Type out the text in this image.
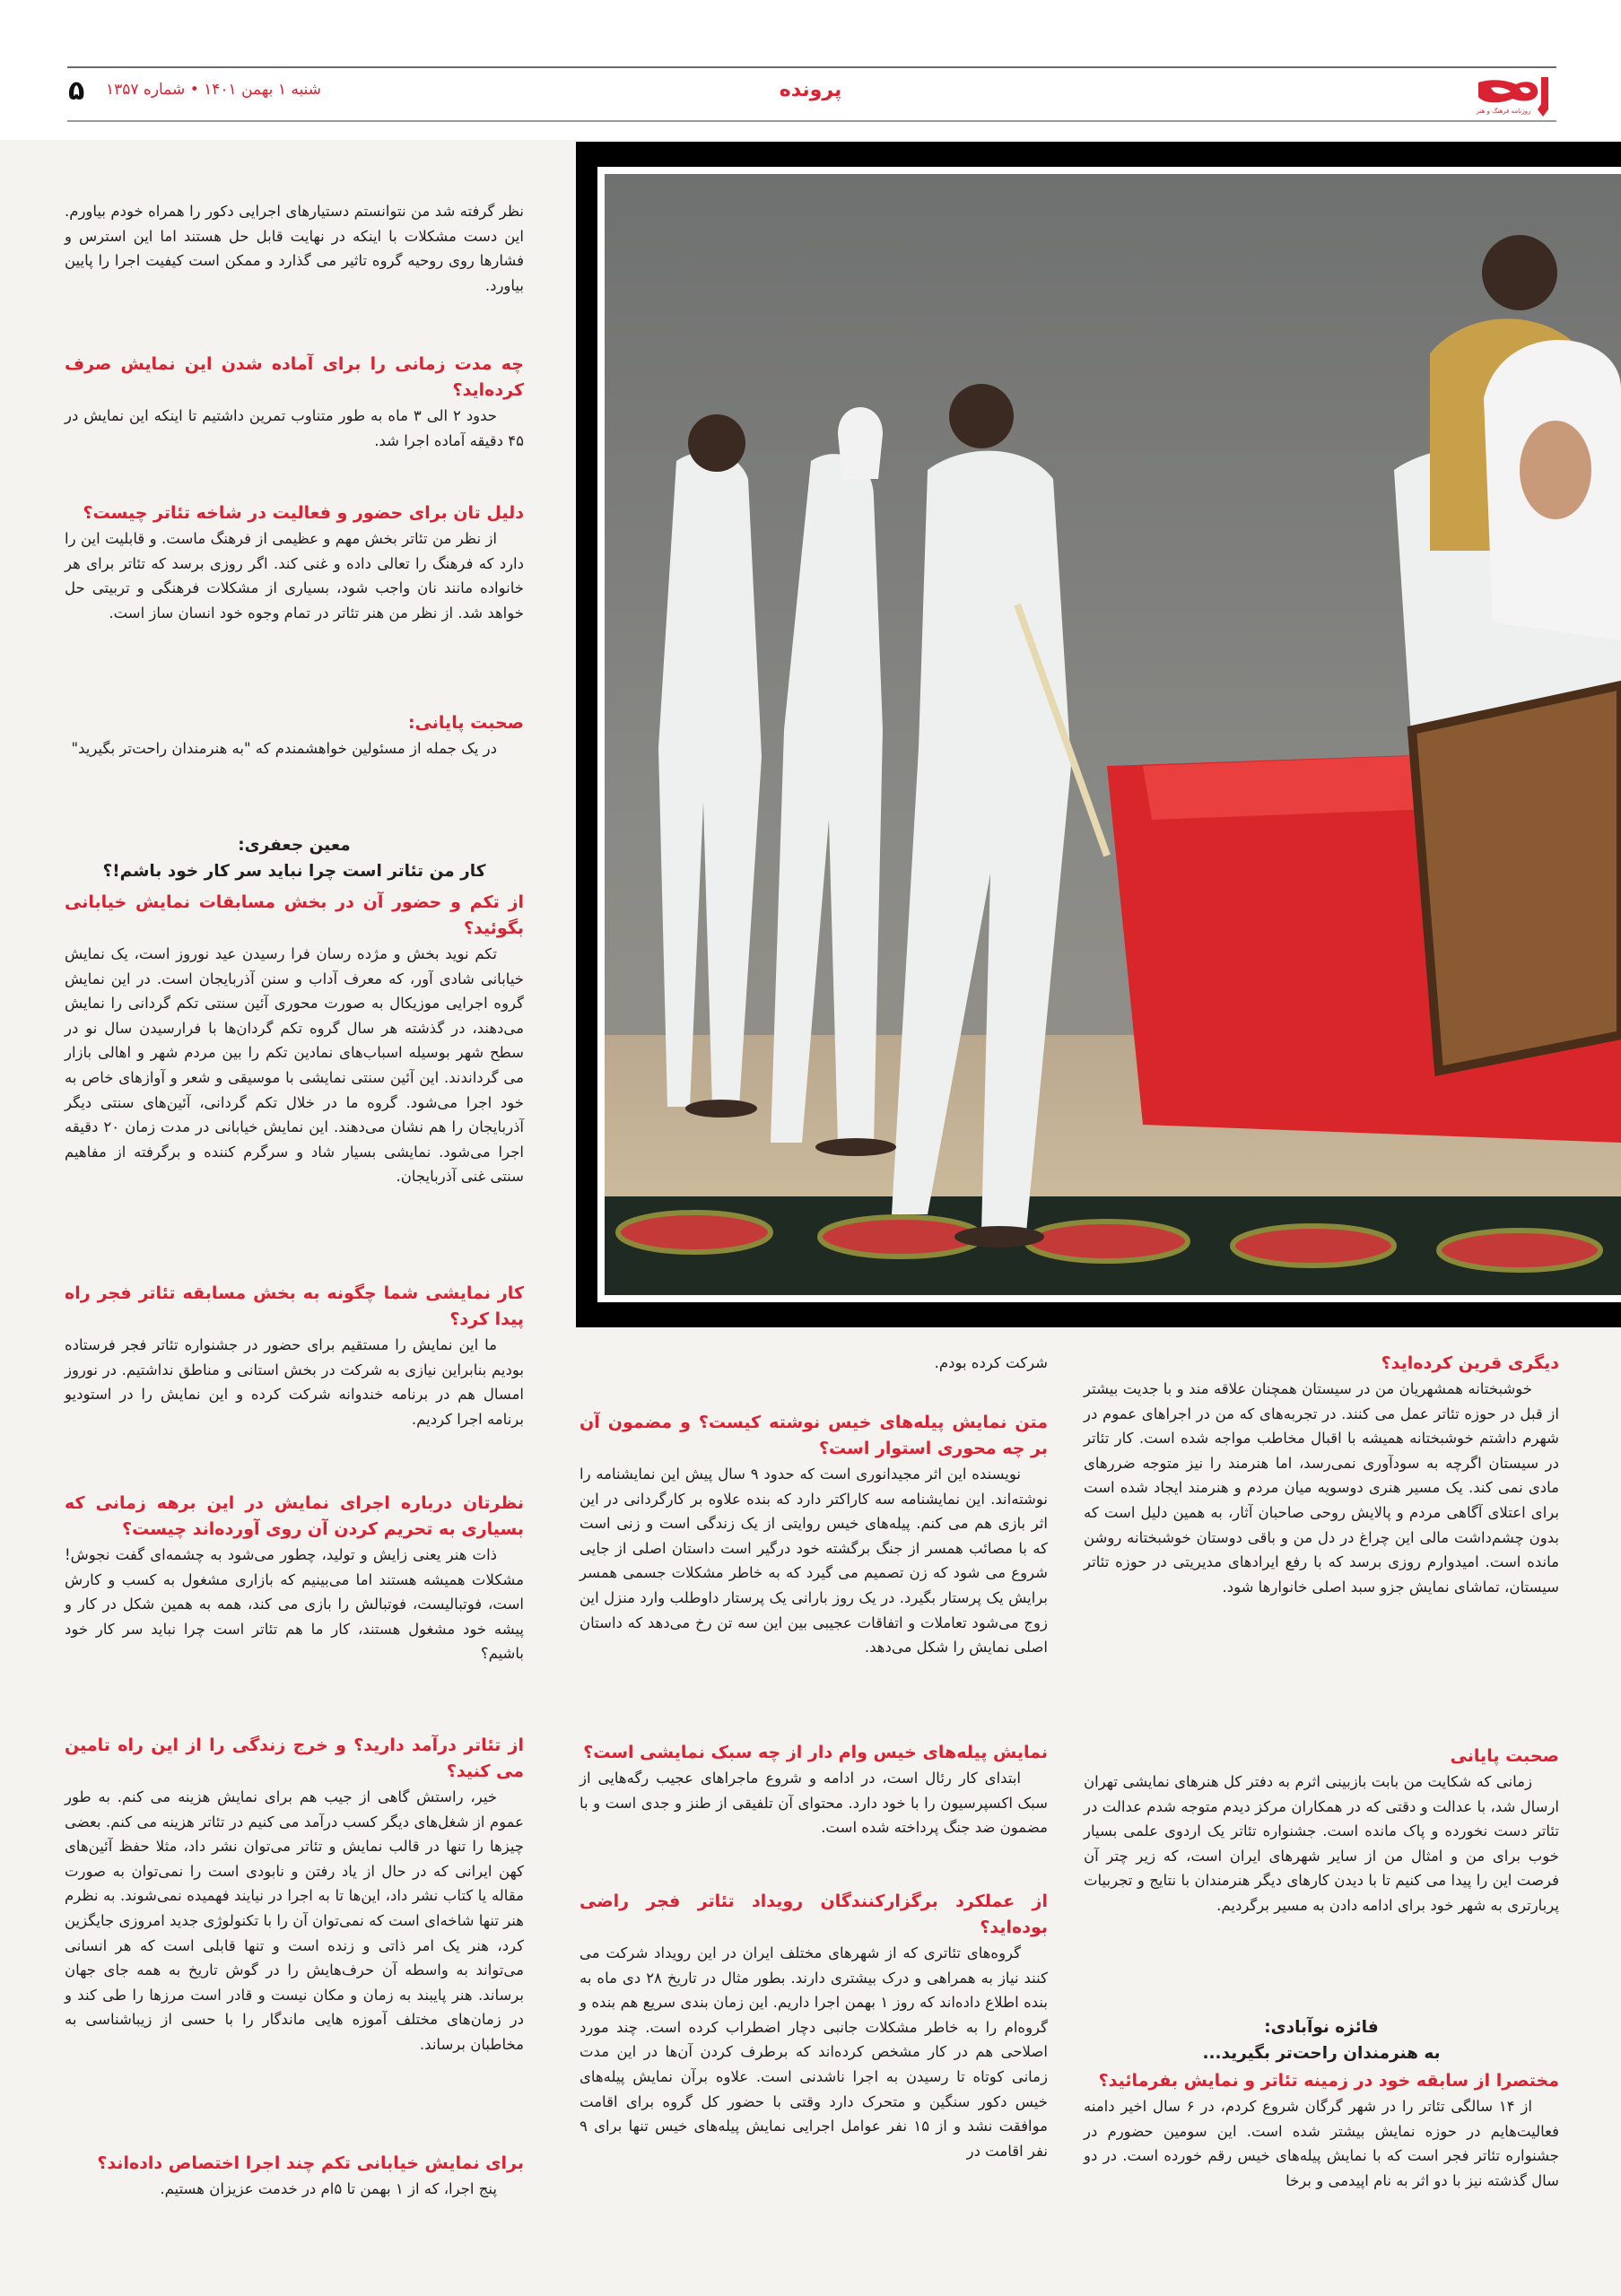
روزنامه فرهنگ و هنر
پرونده
شنبه ۱ بهمن ۱۴۰۱ • شماره ۱۳۵۷
۵

نظر گرفته شد من نتوانستم دستیارهای اجرایی دکور را همراه خودم بیاورم. این دست مشکلات با اینکه در نهایت قابل حل هستند اما این استرس و فشارها روی روحیه گروه تاثیر می گذارد و ممکن است کیفیت اجرا را پایین بیاورد.

چه مدت زمانی را برای آماده شدن این نمایش صرف کرده‌اید؟

حدود ۲ الی ۳ ماه به طور متناوب تمرین داشتیم تا اینکه این نمایش در ۴۵ دقیقه آماده اجرا شد.

دلیل تان برای حضور و فعالیت در شاخه تئاتر چیست؟

از نظر من تئاتر بخش مهم و عظیمی از فرهنگ ماست. و قابلیت این را دارد که فرهنگ را تعالی داده و غنی کند. اگر روزی برسد که تئاتر برای هر خانواده مانند نان واجب شود، بسیاری از مشکلات فرهنگی و تربیتی حل خواهد شد. از نظر من هنر تئاتر در تمام وجوه خود انسان ساز است.

صحبت پایانی:

در یک جمله از مسئولین خواهشمندم که "به هنرمندان راحت‌تر بگیرید"

معین جعفری:

کار من تئاتر است چرا نباید سر کار خود باشم!؟

از تکم و حضور آن در بخش مسابقات نمایش خیابانی بگوئید؟

تکم نوید بخش و مژده رسان فرا رسیدن عید نوروز است، یک نمایش خیابانی شادی آور، که معرف آداب و سنن آذربایجان است. در این نمایش گروه اجرایی موزیکال به صورت محوری آئین سنتی تکم گردانی را نمایش می‌دهند، در گذشته هر سال گروه تکم گردان‌ها با فرارسیدن سال نو در سطح شهر بوسیله اسباب‌های نمادین تکم را بین مردم شهر و اهالی بازار می گرداندند. این آئین سنتی نمایشی با موسیقی و شعر و آوازهای خاص به خود اجرا می‌شود. گروه ما در خلال تکم گردانی، آئین‌های سنتی دیگر آذربایجان را هم نشان می‌دهند. این نمایش خیابانی در مدت زمان ۲۰ دقیقه اجرا می‌شود. نمایشی بسیار شاد و سرگرم کننده و برگرفته از مفاهیم سنتی غنی آذربایجان.

کار نمایشی شما چگونه به بخش مسابقه تئاتر فجر راه پیدا کرد؟

ما این نمایش را مستقیم برای حضور در جشنواره تئاتر فجر فرستاده بودیم بنابراین نیازی به شرکت در بخش استانی و مناطق نداشتیم. در نوروز امسال هم در برنامه خندوانه شرکت کرده و این نمایش را در استودیو برنامه اجرا کردیم.

نظرتان درباره اجرای نمایش در این برهه زمانی که بسیاری به تحریم کردن آن روی آورده‌اند چیست؟

ذات هنر یعنی زایش و تولید، چطور می‌شود به چشمه‌ای گفت نجوش! مشکلات همیشه هستند اما می‌بینیم که بازاری مشغول به کسب و کارش است، فوتبالیست، فوتبالش را بازی می کند، همه به همین شکل در کار و پیشه خود مشغول هستند، کار ما هم تئاتر است چرا نباید سر کار خود باشیم؟

از تئاتر درآمد دارید؟ و خرج زندگی را از این راه تامین می کنید؟

خیر، راستش گاهی از جیب هم برای نمایش هزینه می کنم. به طور عموم از شغل‌های دیگر کسب درآمد می کنیم در تئاتر هزینه می کنم. بعضی چیزها را تنها در قالب نمایش و تئاتر می‌توان نشر داد، مثلا حفظ آئین‌های کهن ایرانی که در حال از یاد رفتن و نابودی است را نمی‌توان به صورت مقاله یا کتاب نشر داد، این‌ها تا به اجرا در نیایند فهمیده نمی‌شوند. به نظرم هنر تنها شاخه‌ای است که نمی‌توان آن را با تکنولوژی جدید امروزی جایگزین کرد، هنر یک امر ذاتی و زنده است و تنها قابلی است که هر انسانی می‌تواند به واسطه آن حرف‌هایش را در گوش تاریخ به همه جای جهان برساند. هنر پایبند به زمان و مکان نیست و قادر است مرزها را طی کند و در زمان‌های مختلف آموزه هایی ماندگار را با حسی از زیباشناسی به مخاطبان برساند.

برای نمایش خیابانی تکم چند اجرا اختصاص داده‌اند؟

پنج اجرا، که از ۱ بهمن تا ۵ام در خدمت عزیزان هستیم.

شرکت کرده بودم.

متن نمایش پیله‌های خیس نوشته کیست؟ و مضمون آن بر چه محوری استوار است؟

نویسنده این اثر مجیدانوری است که حدود ۹ سال پیش این نمایشنامه را نوشته‌اند. این نمایشنامه سه کاراکتر دارد که بنده علاوه بر کارگردانی در این اثر بازی هم می کنم. پیله‌های خیس روایتی از یک زندگی است و زنی است که با مصائب همسر از جنگ برگشته خود درگیر است داستان اصلی از جایی شروع می شود که زن تصمیم می گیرد که به خاطر مشکلات جسمی همسر برایش یک پرستار بگیرد. در یک روز بارانی یک پرستار داوطلب وارد منزل این زوج می‌شود تعاملات و اتفاقات عجیبی بین این سه تن رخ می‌دهد که داستان اصلی نمایش را شکل می‌دهد.

نمایش پیله‌های خیس وام دار از چه سبک نمایشی است؟

ابتدای کار رئال است، در ادامه و شروع ماجراهای عجیب رگه‌هایی از سبک اکسپرسیون را با خود دارد. محتوای آن تلفیقی از طنز و جدی است و با مضمون ضد جنگ پرداخته شده است.

از عملکرد برگزارکنندگان رویداد تئاتر فجر راضی بوده‌اید؟

گروه‌های تئاتری که از شهرهای مختلف ایران در این رویداد شرکت می کنند نیاز به همراهی و درک بیشتری دارند. بطور مثال در تاریخ ۲۸ دی ماه به بنده اطلاع داده‌اند که روز ۱ بهمن اجرا داریم. این زمان بندی سریع هم بنده و گروه‌ام را به خاطر مشکلات جانبی دچار اضطراب کرده است. چند مورد اصلاحی هم در کار مشخص کرده‌اند که برطرف کردن آن‌ها در این مدت زمانی کوتاه تا رسیدن به اجرا ناشدنی است. علاوه برآن نمایش پیله‌های خیس دکور سنگین و متحرک دارد وقتی با حضور کل گروه برای اقامت موافقت نشد و از ۱۵ نفر عوامل اجرایی نمایش پیله‌های خیس تنها برای ۹ نفر اقامت در

دیگری قرین کرده‌اید؟

خوشبختانه همشهریان من در سیستان همچنان علاقه مند و با جدیت بیشتر از قبل در حوزه تئاتر عمل می کنند. در تجربه‌های که من در اجراهای عموم در شهرم داشتم خوشبختانه همیشه با اقبال مخاطب مواجه شده است. کار تئاتر در سیستان اگرچه به سودآوری نمی‌رسد، اما هنرمند را نیز متوجه ضررهای مادی نمی کند. یک مسیر هنری دوسویه میان مردم و هنرمند ایجاد شده است برای اعتلای آگاهی مردم و پالایش روحی صاحبان آثار، به همین دلیل است که بدون چشم‌داشت مالی این چراغ در دل من و باقی دوستان خوشبختانه روشن مانده است. امیدوارم روزی برسد که با رفع ایرادهای مدیریتی در حوزه تئاتر سیستان، تماشای نمایش جزو سبد اصلی خانوارها شود.

صحبت پایانی

زمانی که شکایت من بابت بازبینی اثرم به دفتر کل هنرهای نمایشی تهران ارسال شد، با عدالت و دقتی که در همکاران مرکز دیدم متوجه شدم عدالت در تئاتر دست نخورده و پاک مانده است. جشنواره تئاتر یک اردوی علمی بسیار خوب برای من و امثال من از سایر شهرهای ایران است، که زیر چتر آن فرصت این را پیدا می کنیم تا با دیدن کارهای دیگر هنرمندان با نتایج و تجربیات پربارتری به شهر خود برای ادامه دادن به مسیر برگردیم.

فائزه نوآبادی:

به هنرمندان راحت‌تر بگیرید...

مختصرا از سابقه خود در زمینه تئاتر و نمایش بفرمائید؟

از ۱۴ سالگی تئاتر را در شهر گرگان شروع کردم، در ۶ سال اخیر دامنه فعالیت‌هایم در حوزه نمایش بیشتر شده است. این سومین حضورم در جشنواره تئاتر فجر است که با نمایش پیله‌های خیس رقم خورده است. در دو سال گذشته نیز با دو اثر به نام اپیدمی و برخا
